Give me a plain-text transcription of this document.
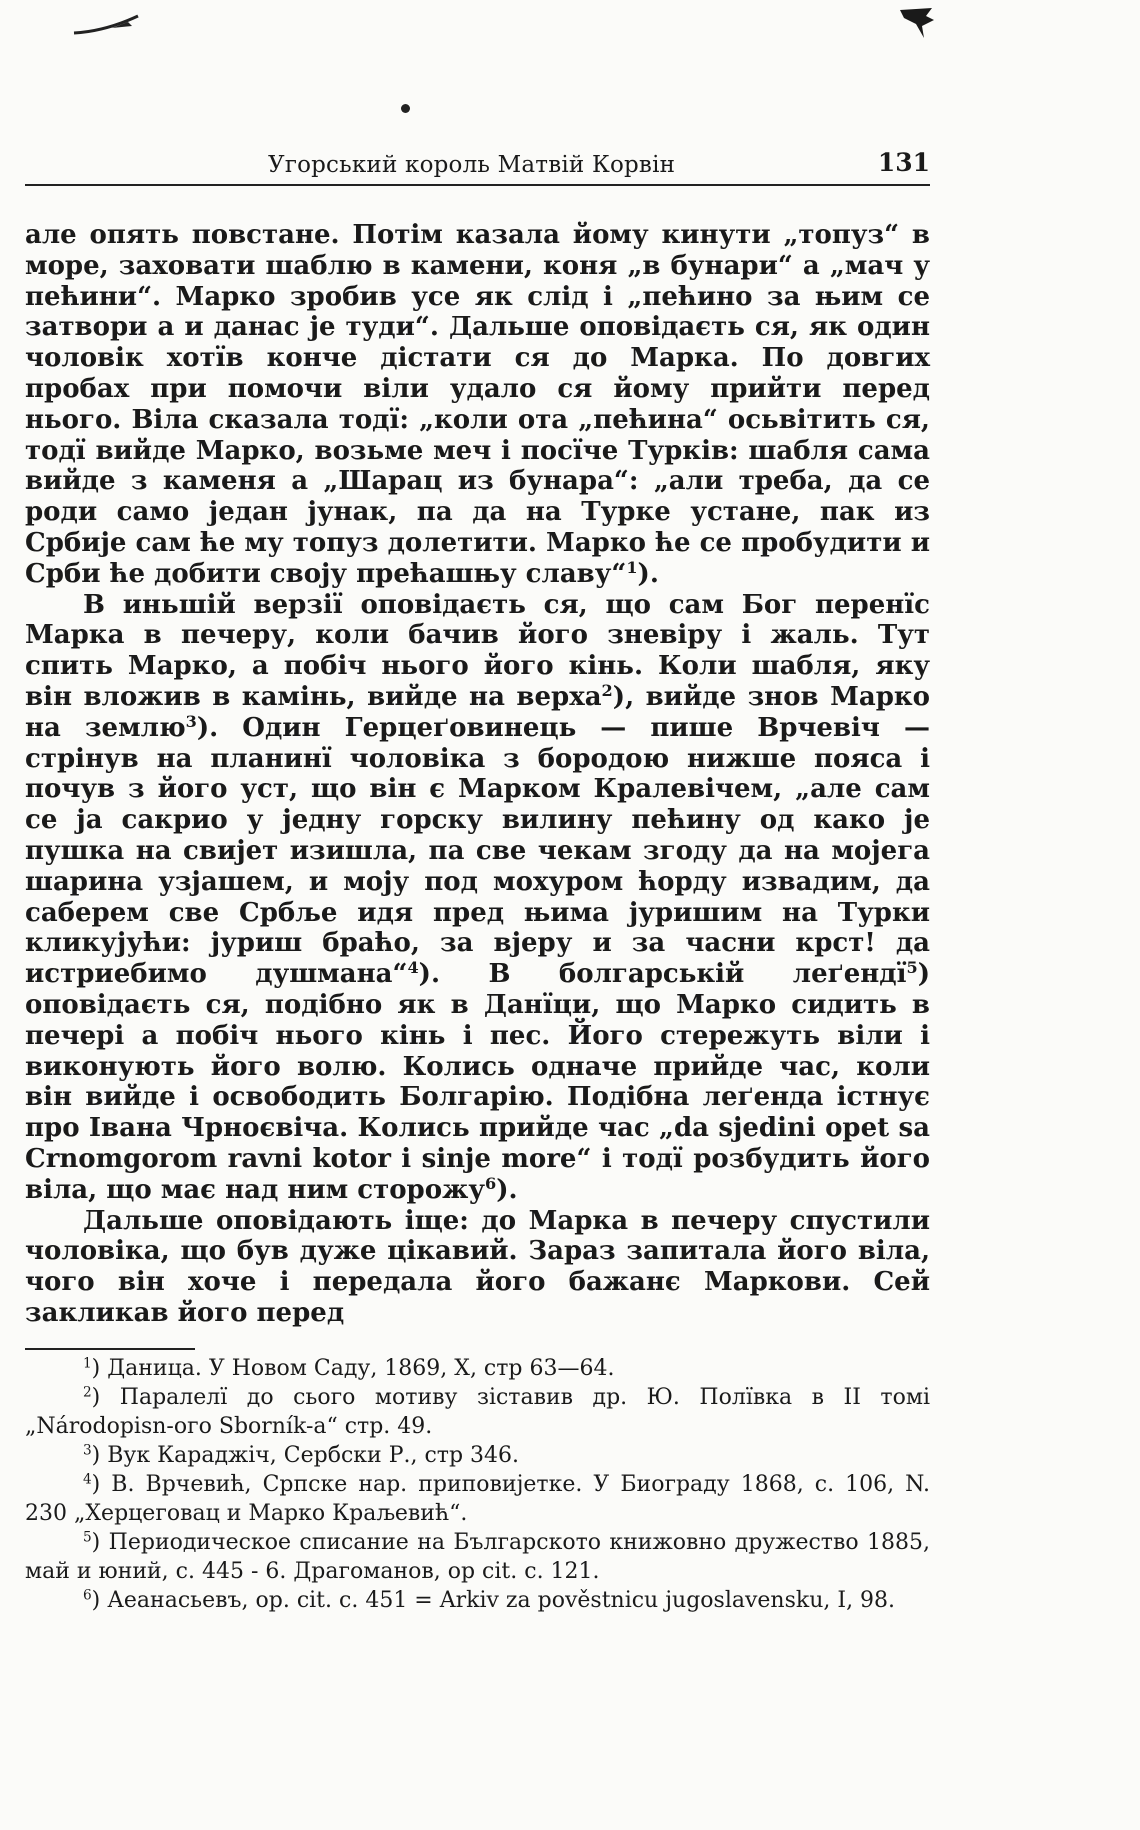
Угорський король Матвій Корвін	131

але опять повстане. Потім казала йому кинути „топуз“ в море, заховати шаблю в камени, коня „в бунари“ а „мач у пећини“. Марко зробив усе як слід і „пећино за њим се затвори а и данас је туди“. Дальше оповідаєть ся, як один чоловік хотїв конче дістати ся до Марка. По довгих пробах при помочи віли удало ся йому прийти перед нього. Віла сказала тодї: „коли ота „пећина“ осьвітить ся, тодї вийде Марко, возьме меч і посїче Турків: шабля сама вийде з каменя а „Шарац из бунара“: „али треба, да се роди само један јунак, па да на Турке устане, пак из Србије сам ће му топуз долетити. Марко ће се пробудити и Срби ће добити своју прећашњу славу“$^1$).

В иньшій верзії оповідаєть ся, що сам Бог перенїс Марка в печеру, коли бачив його зневіру і жаль. Тут спить Марко, а побіч нього його кінь. Коли шабля, яку він вложив в камінь, вийде на верха$^2$), вийде знов Марко на землю$^3$). Один Герцеґовинець — пише Врчевіч — стрінув на планинї чоловіка з бородою нижше пояса і почув з його уст, що він є Марком Кралевічем, „але сам се ја сакрио у једну горску вилину пећину од како је пушка на свијет изишла, па све чекам згоду да на мојега шарина узјашем, и моју под мохуром ћорду извадим, да саберем све Србље идя пред њима јуришим на Турки кликујући: јуриш браћо, за вјеру и за часни крст! да истриебимо душмана“$^4$). В болгарській леґендї$^5$) оповідаєть ся, подібно як в Данїци, що Марко сидить в печері а побіч нього кінь і пес. Його стережуть віли і виконують його волю. Колись одначе прийде час, коли він вийде і освободить Болгарію. Подібна леґенда істнує про Івана Чрноєвіча. Колись прийде час „da sjedini opet sa Crnomgorom ravni kotor i sinje more“ і тодї розбудить його віла, що має над ним сторожу$^6$).

Дальше оповідають іще: до Марка в печеру спустили чоловіка, що був дуже цікавий. Зараз запитала його віла, чого він хоче і передала його бажанє Маркови. Сей закликав його перед

$^1$) Даница. У Новом Саду, 1869, X, стр 63—64.

$^2$) Паралелї до сього мотиву зіставив др. Ю. Полївка в II томі „Národopisn-ого Sborník-a“ стр. 49.

$^3$) Вук Караджіч, Сербски Р., стр 346.

$^4$) В. Врчевић, Српске нар. приповијетке. У Биограду 1868, с. 106, N. 230 „Херцеговац и Марко Краљевић“.

$^5$) Периодическое списание на Българското книжовно дружество 1885, май и юний, с. 445 - 6. Драгоманов, op cit. с. 121.

$^6$) Аеанасьевъ, op. cit. с. 451 = Arkiv za pověstnicu jugoslavensku, I, 98.
